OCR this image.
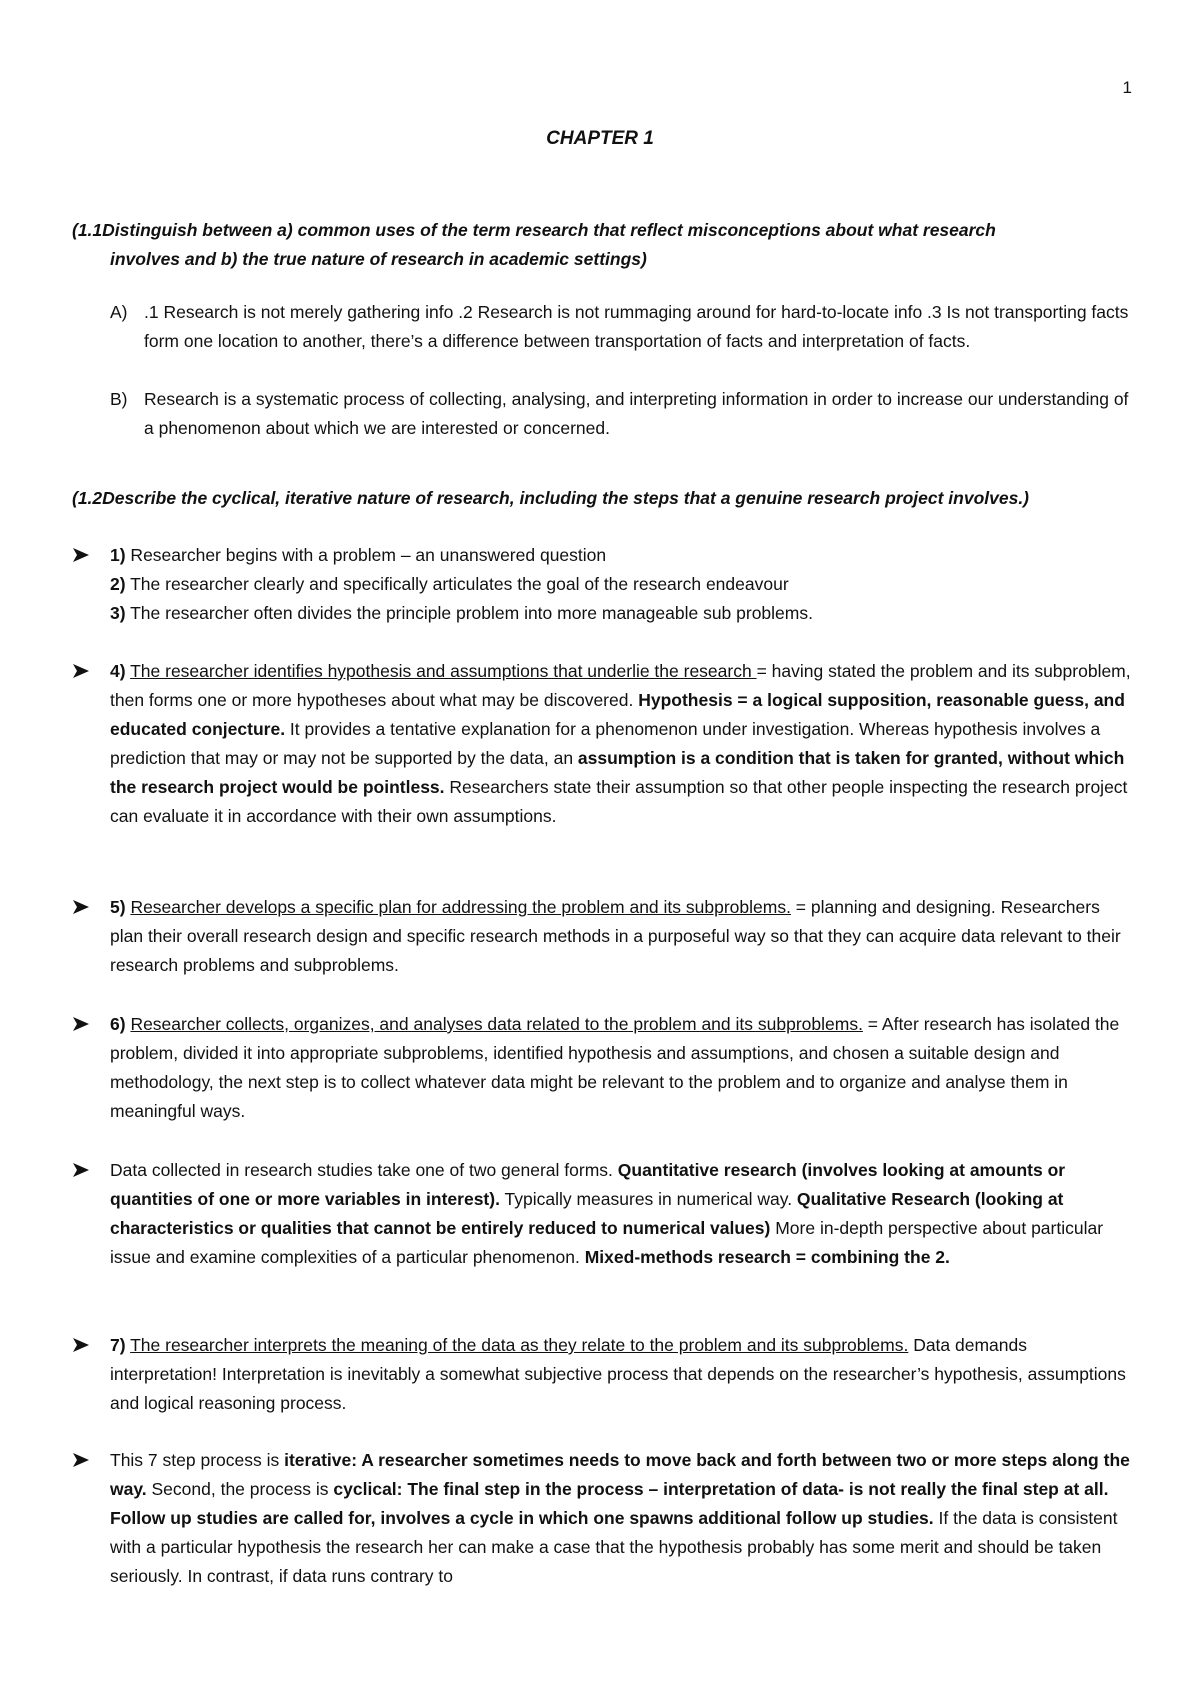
1
CHAPTER 1
(1.1Distinguish between a) common uses of the term research that reflect misconceptions about what research
involves and b) the true nature of research in academic settings)
A) .1 Research is not merely gathering info .2 Research is not rummaging around for hard-to-locate info .3 Is not transporting facts form one location to another, there’s a difference between transportation of facts and interpretation of facts.
B) Research is a systematic process of collecting, analysing, and interpreting information in order to increase our understanding of a phenomenon about which we are interested or concerned.
(1.2Describe the cyclical, iterative nature of research, including the steps that a genuine research project involves.)
1) Researcher begins with a problem – an unanswered question
2) The researcher clearly and specifically articulates the goal of the research endeavour
3) The researcher often divides the principle problem into more manageable sub problems.
4) The researcher identifies hypothesis and assumptions that underlie the research = having stated the problem and its subproblem, then forms one or more hypotheses about what may be discovered. Hypothesis = a logical supposition, reasonable guess, and educated conjecture. It provides a tentative explanation for a phenomenon under investigation. Whereas hypothesis involves a prediction that may or may not be supported by the data, an assumption is a condition that is taken for granted, without which the research project would be pointless. Researchers state their assumption so that other people inspecting the research project can evaluate it in accordance with their own assumptions.
5) Researcher develops a specific plan for addressing the problem and its subproblems. = planning and designing. Researchers plan their overall research design and specific research methods in a purposeful way so that they can acquire data relevant to their research problems and subproblems.
6) Researcher collects, organizes, and analyses data related to the problem and its subproblems. = After research has isolated the problem, divided it into appropriate subproblems, identified hypothesis and assumptions, and chosen a suitable design and methodology, the next step is to collect whatever data might be relevant to the problem and to organize and analyse them in meaningful ways.
Data collected in research studies take one of two general forms. Quantitative research (involves looking at amounts or quantities of one or more variables in interest). Typically measures in numerical way. Qualitative Research (looking at characteristics or qualities that cannot be entirely reduced to numerical values) More in-depth perspective about particular issue and examine complexities of a particular phenomenon. Mixed-methods research = combining the 2.
7) The researcher interprets the meaning of the data as they relate to the problem and its subproblems. Data demands interpretation! Interpretation is inevitably a somewhat subjective process that depends on the researcher’s hypothesis, assumptions and logical reasoning process.
This 7 step process is iterative: A researcher sometimes needs to move back and forth between two or more steps along the way. Second, the process is cyclical: The final step in the process – interpretation of data- is not really the final step at all. Follow up studies are called for, involves a cycle in which one spawns additional follow up studies. If the data is consistent with a particular hypothesis the research her can make a case that the hypothesis probably has some merit and should be taken seriously. In contrast, if data runs contrary to
